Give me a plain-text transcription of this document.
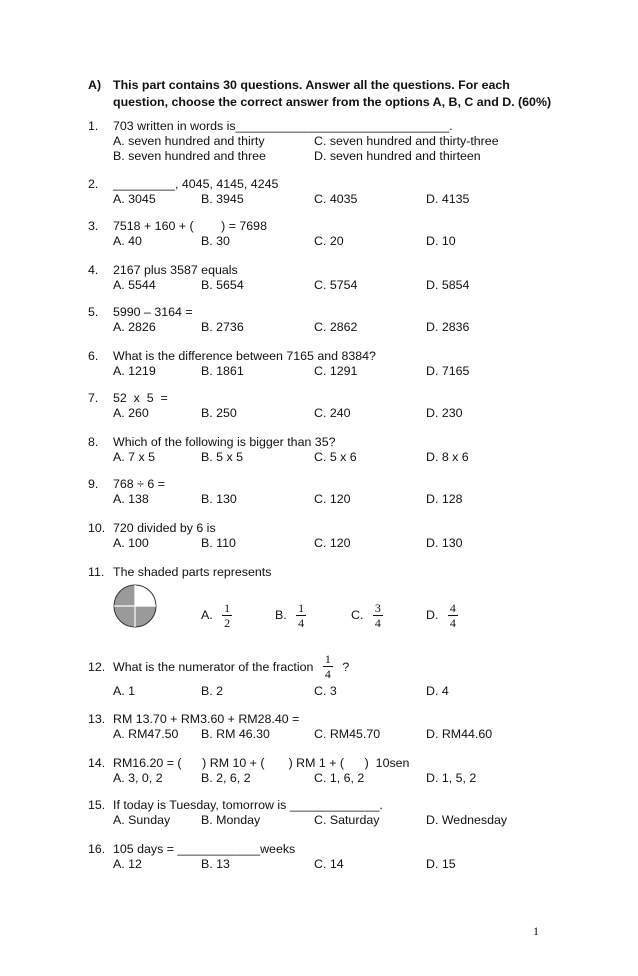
A) This part contains 30 questions. Answer all the questions. For each
question, choose the correct answer from the options A, B, C and D. (60%)
1. 703 written in words is_______________________________.
A. seven hundred and thirty	C. seven hundred and thirty-three
B. seven hundred and three	D. seven hundred and thirteen
2. _________, 4045, 4145, 4245
A. 3045	B. 3945	C. 4035	D. 4135
3. 7518 + 160 + (        ) = 7698
A. 40	B. 30	C. 20	D. 10
4. 2167 plus 3587 equals
A. 5544	B. 5654	C. 5754	D. 5854
5. 5990 – 3164 =
A. 2826	B. 2736	C. 2862	D. 2836
6. What is the difference between 7165 and 8384?
A. 1219	B. 1861	C. 1291	D. 7165
7. 52  x  5  =
A. 260	B. 250	C. 240	D. 230
8. Which of the following is bigger than 35?
A. 7 x 5	B. 5 x 5	C. 5 x 6	D. 8 x 6
9. 768 ÷ 6 =
A. 138	B. 130	C. 120	D. 128
10. 720 divided by 6 is
A. 100	B. 110	C. 120	D. 130
11. The shaded parts represents
A. $\frac{1}{2}$	B. $\frac{1}{4}$	C. $\frac{3}{4}$	D. $\frac{4}{4}$
12. What is the numerator of the fraction $\frac{1}{4}$ ?
A. 1	B. 2	C. 3	D. 4
13. RM 13.70 + RM3.60 + RM28.40 =
A. RM47.50 B. RM 46.30	C. RM45.70	D. RM44.60
14. RM16.20 = (      ) RM 10 + (       ) RM 1 + (      )  10sen
A. 3, 0, 2	B. 2, 6, 2	C. 1, 6, 2	D. 1, 5, 2
15. If today is Tuesday, tomorrow is _____________.
A. Sunday B. Monday	C. Saturday	D. Wednesday
16. 105 days = ____________weeks
A. 12	B. 13	C. 14	D. 15
1
